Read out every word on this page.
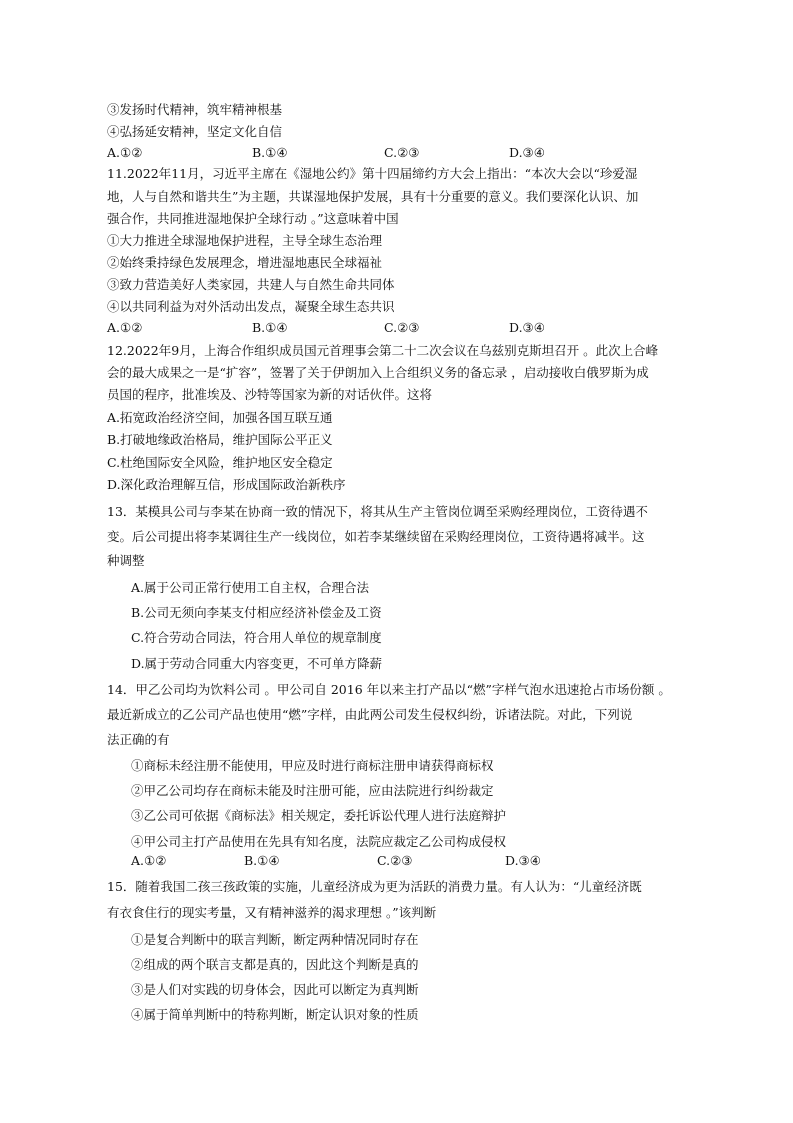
③发扬时代精神，筑牢精神根基
④弘扬延安精神，坚定文化自信
A.①②	B.①④	C.②③	D.③④
11.2022年11月，习近平主席在《湿地公约》第十四届缔约方大会上指出：“本次大会以“珍爱湿
地，人与自然和谐共生”为主题，共谋湿地保护发展，具有十分重要的意义。我们要深化认识、加
强合作，共同推进湿地保护全球行动 。”这意味着中国
①大力推进全球湿地保护进程，主导全球生态治理
②始终秉持绿色发展理念，增进湿地惠民全球福祉
③致力营造美好人类家园，共建人与自然生命共同体
④以共同利益为对外活动出发点，凝聚全球生态共识
A.①②	B.①④	C.②③	D.③④
12.2022年9月，上海合作组织成员国元首理事会第二十二次会议在乌兹别克斯坦召开 。此次上合峰
会的最大成果之一是“扩容”，签署了关于伊朗加入上合组织义务的备忘录 ，启动接收白俄罗斯为成
员国的程序，批准埃及、沙特等国家为新的对话伙伴。这将
A.拓宽政治经济空间，加强各国互联互通
B.打破地缘政治格局，维护国际公平正义
C.杜绝国际安全风险，维护地区安全稳定
D.深化政治理解互信，形成国际政治新秩序
13．某模具公司与李某在协商一致的情况下，将其从生产主管岗位调至采购经理岗位，工资待遇不
变。后公司提出将李某调往生产一线岗位，如若李某继续留在采购经理岗位，工资待遇将减半。这
种调整
A.属于公司正常行使用工自主权，合理合法
B.公司无须向李某支付相应经济补偿金及工资
C.符合劳动合同法，符合用人单位的规章制度
D.属于劳动合同重大内容变更，不可单方降薪
14．甲乙公司均为饮料公司 。甲公司自 2016 年以来主打产品以“燃”字样气泡水迅速抢占市场份额 。
最近新成立的乙公司产品也使用“燃”字样，由此两公司发生侵权纠纷，诉诸法院。对此，下列说
法正确的有
①商标未经注册不能使用，甲应及时进行商标注册申请获得商标权
②甲乙公司均存在商标未能及时注册可能，应由法院进行纠纷裁定
③乙公司可依据《商标法》相关规定，委托诉讼代理人进行法庭辩护
④甲公司主打产品使用在先具有知名度，法院应裁定乙公司构成侵权
A.①②	B.①④	C.②③	D.③④
15．随着我国二孩三孩政策的实施，儿童经济成为更为活跃的消费力量。有人认为：“儿童经济既
有衣食住行的现实考量，又有精神滋养的渴求理想 。”该判断
①是复合判断中的联言判断，断定两种情况同时存在
②组成的两个联言支都是真的，因此这个判断是真的
③是人们对实践的切身体会，因此可以断定为真判断
④属于简单判断中的特称判断，断定认识对象的性质
